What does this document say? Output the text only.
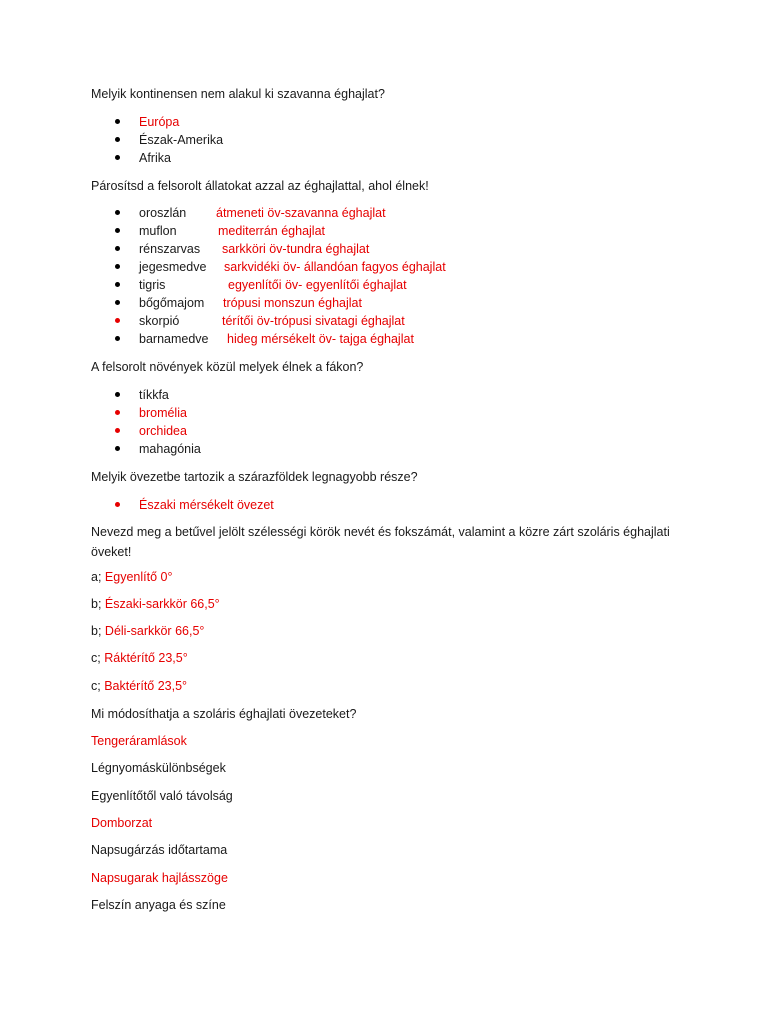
Melyik kontinensen nem alakul ki szavanna éghajlat?
Európa
Észak-Amerika
Afrika
Párosítsd a felsorolt állatokat azzal az éghajlattal, ahol élnek!
oroszlán átmeneti öv-szavanna éghajlat
muflon	mediterrán éghajlat
rénszarvas sarkköri öv-tundra éghajlat
jegesmedve sarkvidéki öv- állandóan fagyos éghajlat
tigris	egyenlítői öv- egyenlítői éghajlat
bőgőmajom trópusi monszun éghajlat
skorpió	térítői öv-trópusi sivatagi éghajlat
barnamedve hideg mérsékelt öv- tajga éghajlat
A felsorolt növények közül melyek élnek a fákon?
tíkkfa
bromélia
orchidea
mahagónia
Melyik övezetbe tartozik a szárazföldek legnagyobb része?
Északi mérsékelt övezet
Nevezd meg a betűvel jelölt szélességi körök nevét és fokszámát, valamint a közre zárt szoláris éghajlati öveket!
a; Egyenlítő 0°
b; Északi-sarkkör 66,5°
b; Déli-sarkkör 66,5°
c; Ráktérítő 23,5°
c; Baktérítő 23,5°
Mi módosíthatja a szoláris éghajlati övezeteket?
Tengeráramlások
Légnyomáskülönbségek
Egyenlítőtől való távolság
Domborzat
Napsugárzás időtartama
Napsugarak hajlásszöge
Felszín anyaga és színe
